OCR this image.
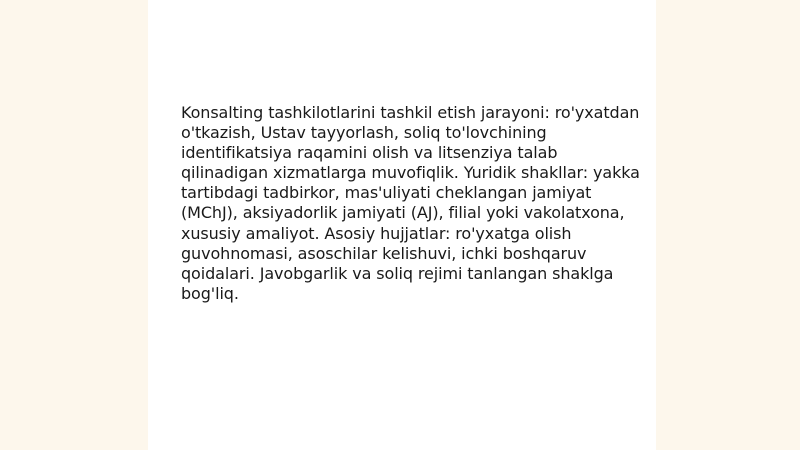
Konsalting tashkilotlarini tashkil etish jarayoni: ro'yxatdan o'tkazish, Ustav tayyorlash, soliq to'lovchining identifikatsiya raqamini olish va litsenziya talab qilinadigan xizmatlarga muvofiqlik. Yuridik shakllar: yakka tartibdagi tadbirkor, mas'uliyati cheklangan jamiyat (MChJ), aksiyadorlik jamiyati (AJ), filial yoki vakolatxona, xususiy amaliyot. Asosiy hujjatlar: ro'yxatga olish guvohnomasi, asoschilar kelishuvi, ichki boshqaruv qoidalari. Javobgarlik va soliq rejimi tanlangan shaklga bog'liq.
